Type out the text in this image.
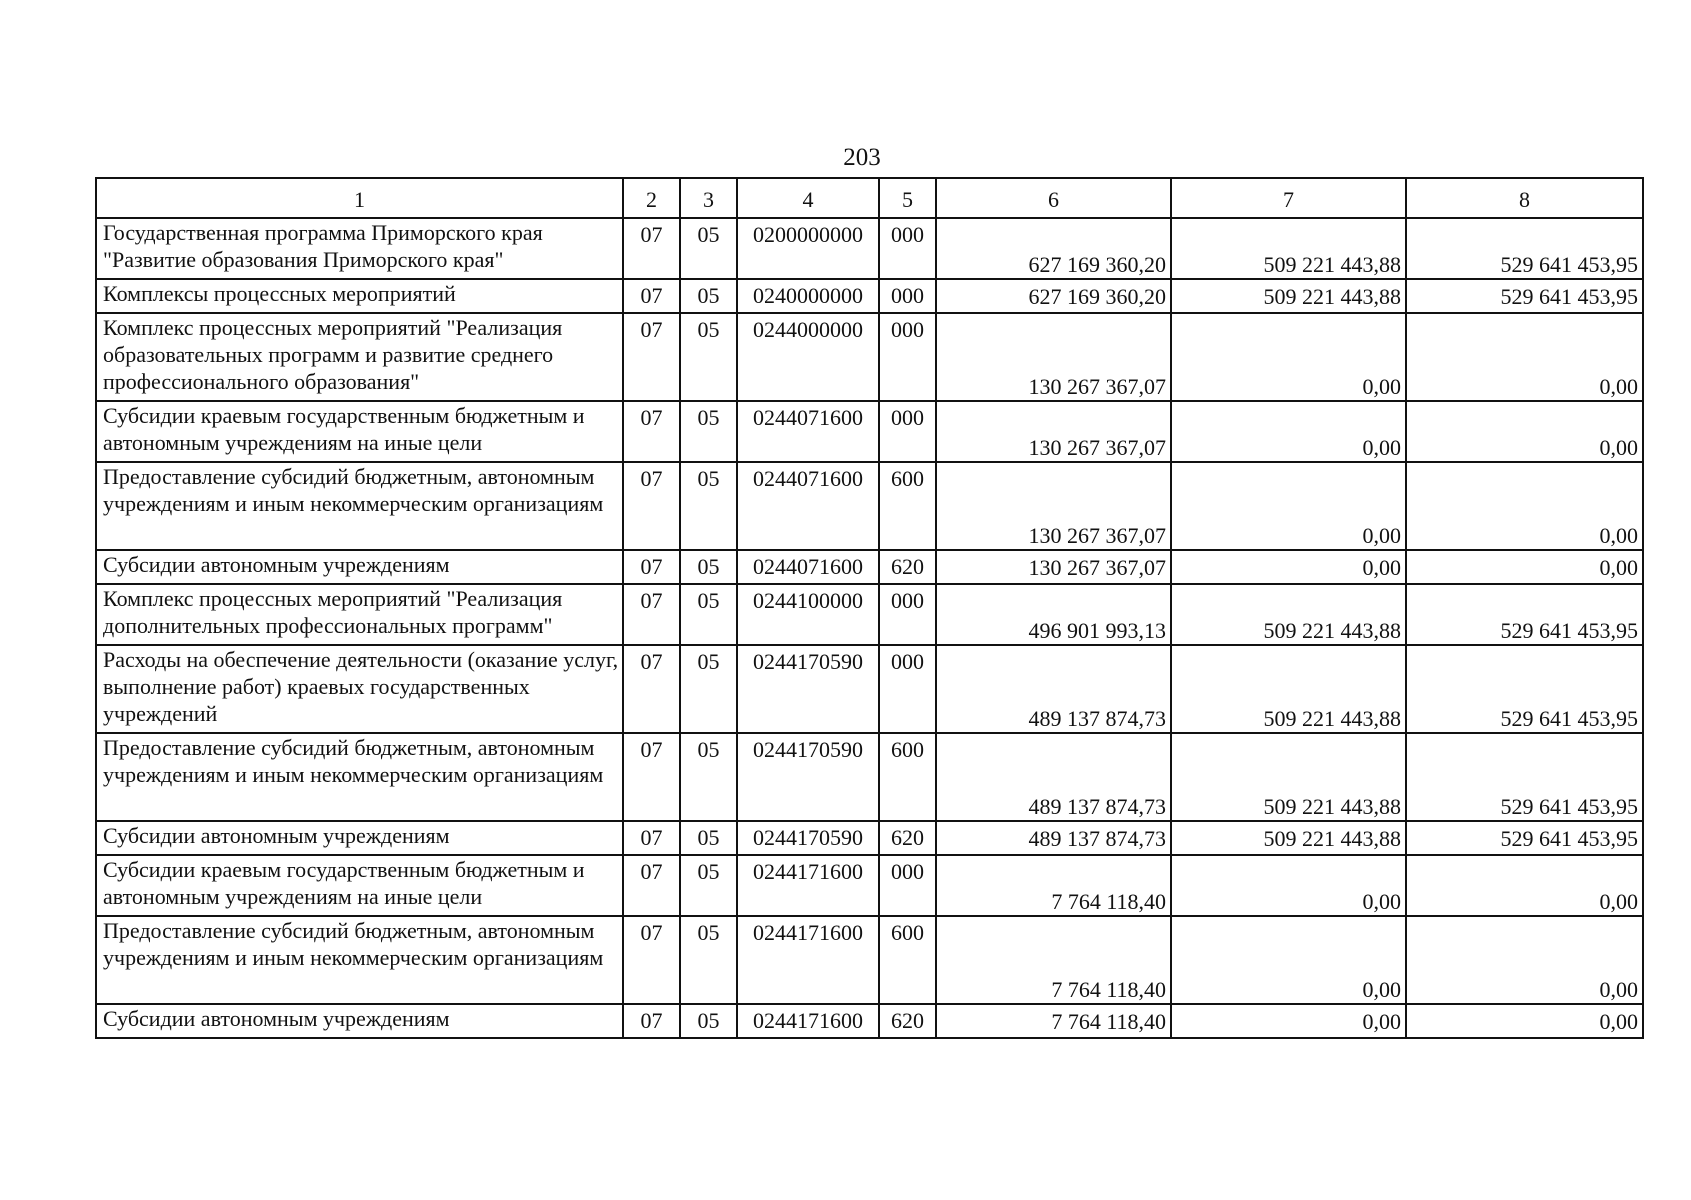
203
1	2	3	4	5	6	7	8
Государственная программа Приморского края "Развитие образования Приморского края"	07	05	0200000000	000	627 169 360,20	509 221 443,88	529 641 453,95
Комплексы процессных мероприятий	07	05	0240000000	000	627 169 360,20	509 221 443,88	529 641 453,95
Комплекс процессных мероприятий "Реализация образовательных программ и развитие среднего профессионального образования"	07	05	0244000000	000	130 267 367,07	0,00	0,00
Субсидии краевым государственным бюджетным и автономным учреждениям на иные цели	07	05	0244071600	000	130 267 367,07	0,00	0,00
Предоставление субсидий бюджетным, автономным учреждениям и иным некоммерческим организациям	07	05	0244071600	600	130 267 367,07	0,00	0,00
Субсидии автономным учреждениям	07	05	0244071600	620	130 267 367,07	0,00	0,00
Комплекс процессных мероприятий "Реализация дополнительных профессиональных программ"	07	05	0244100000	000	496 901 993,13	509 221 443,88	529 641 453,95
Расходы на обеспечение деятельности (оказание услуг, выполнение работ) краевых государственных учреждений	07	05	0244170590	000	489 137 874,73	509 221 443,88	529 641 453,95
Предоставление субсидий бюджетным, автономным учреждениям и иным некоммерческим организациям	07	05	0244170590	600	489 137 874,73	509 221 443,88	529 641 453,95
Субсидии автономным учреждениям	07	05	0244170590	620	489 137 874,73	509 221 443,88	529 641 453,95
Субсидии краевым государственным бюджетным и автономным учреждениям на иные цели	07	05	0244171600	000	7 764 118,40	0,00	0,00
Предоставление субсидий бюджетным, автономным учреждениям и иным некоммерческим организациям	07	05	0244171600	600	7 764 118,40	0,00	0,00
Субсидии автономным учреждениям	07	05	0244171600	620	7 764 118,40	0,00	0,00
